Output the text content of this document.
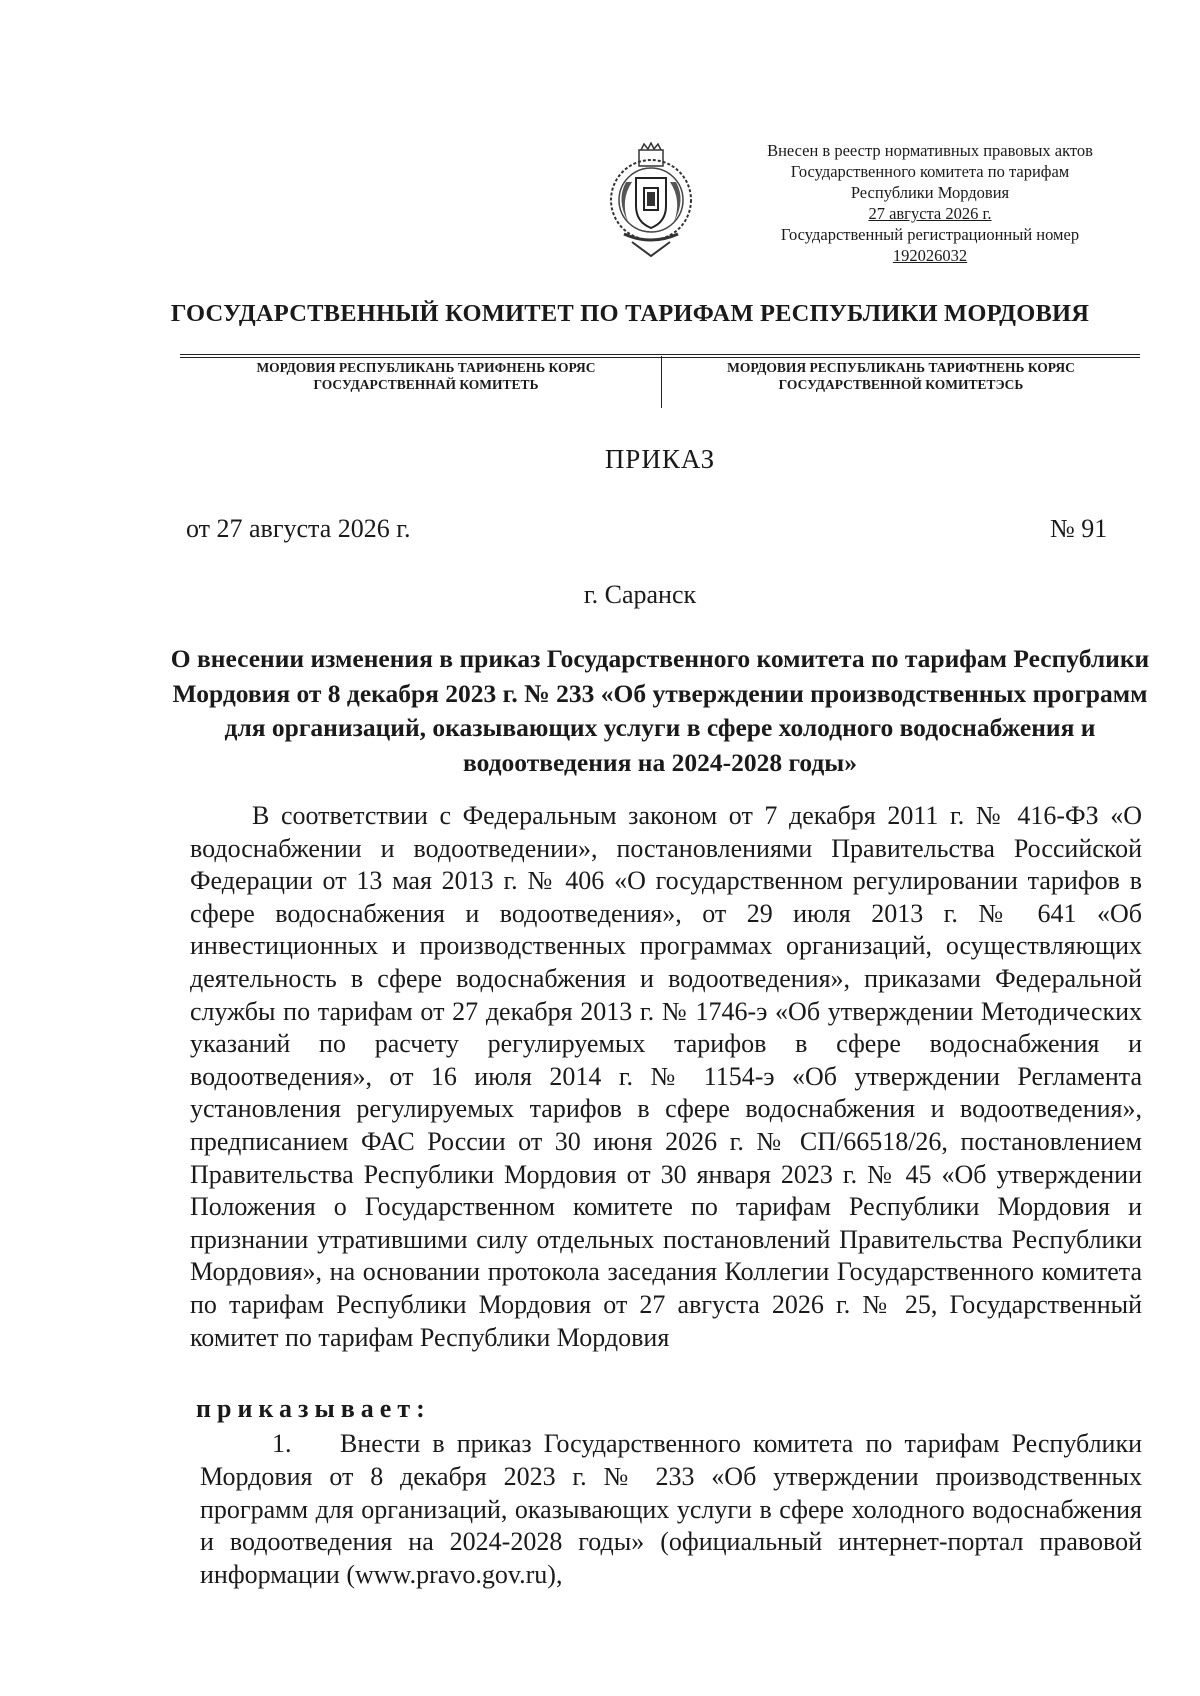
Внесен в реестр нормативных правовых актов
Государственного комитета по тарифам
Республики Мордовия
27 августа 2026 г.
Государственный регистрационный номер
192026032
ГОСУДАРСТВЕННЫЙ КОМИТЕТ ПО ТАРИФАМ РЕСПУБЛИКИ МОРДОВИЯ
МОРДОВИЯ РЕСПУБЛИКАНЬ ТАРИФНЕНЬ КОРЯС
ГОСУДАРСТВЕННАЙ КОМИТЕТЬ
МОРДОВИЯ РЕСПУБЛИКАНЬ ТАРИФТНЕНЬ КОРЯС
ГОСУДАРСТВЕННОЙ КОМИТЕТЭСЬ
ПРИКАЗ
от 27 августа 2026 г.	№ 91
г. Саранск
О внесении изменения в приказ Государственного комитета по тарифам Республики Мордовия от 8 декабря 2023 г. № 233 «Об утверждении производственных программ для организаций, оказывающих услуги в сфере холодного водоснабжения и водоотведения на 2024-2028 годы»
В соответствии с Федеральным законом от 7 декабря 2011 г. № 416-ФЗ «О водоснабжении и водоотведении», постановлениями Правительства Российской Федерации от 13 мая 2013 г. № 406 «О государственном регулировании тарифов в сфере водоснабжения и водоотведения», от 29 июля 2013 г. № 641 «Об инвестиционных и производственных программах организаций, осуществляющих деятельность в сфере водоснабжения и водоотведения», приказами Федеральной службы по тарифам от 27 декабря 2013 г. № 1746-э «Об утверждении Методических указаний по расчету регулируемых тарифов в сфере водоснабжения и водоотведения», от 16 июля 2014 г. № 1154-э «Об утверждении Регламента установления регулируемых тарифов в сфере водоснабжения и водоотведения», предписанием ФАС России от 30 июня 2026 г. № СП/66518/26, постановлением Правительства Республики Мордовия от 30 января 2023 г. № 45 «Об утверждении Положения о Государственном комитете по тарифам Республики Мордовия и признании утратившими силу отдельных постановлений Правительства Республики Мордовия», на основании протокола заседания Коллегии Государственного комитета по тарифам Республики Мордовия от 27 августа 2026 г. № 25, Государственный комитет по тарифам Республики Мордовия
приказывает:
1. Внести в приказ Государственного комитета по тарифам Республики Мордовия от 8 декабря 2023 г. № 233 «Об утверждении производственных программ для организаций, оказывающих услуги в сфере холодного водоснабжения и водоотведения на 2024-2028 годы» (официальный интернет-портал правовой информации (www.pravo.gov.ru),
